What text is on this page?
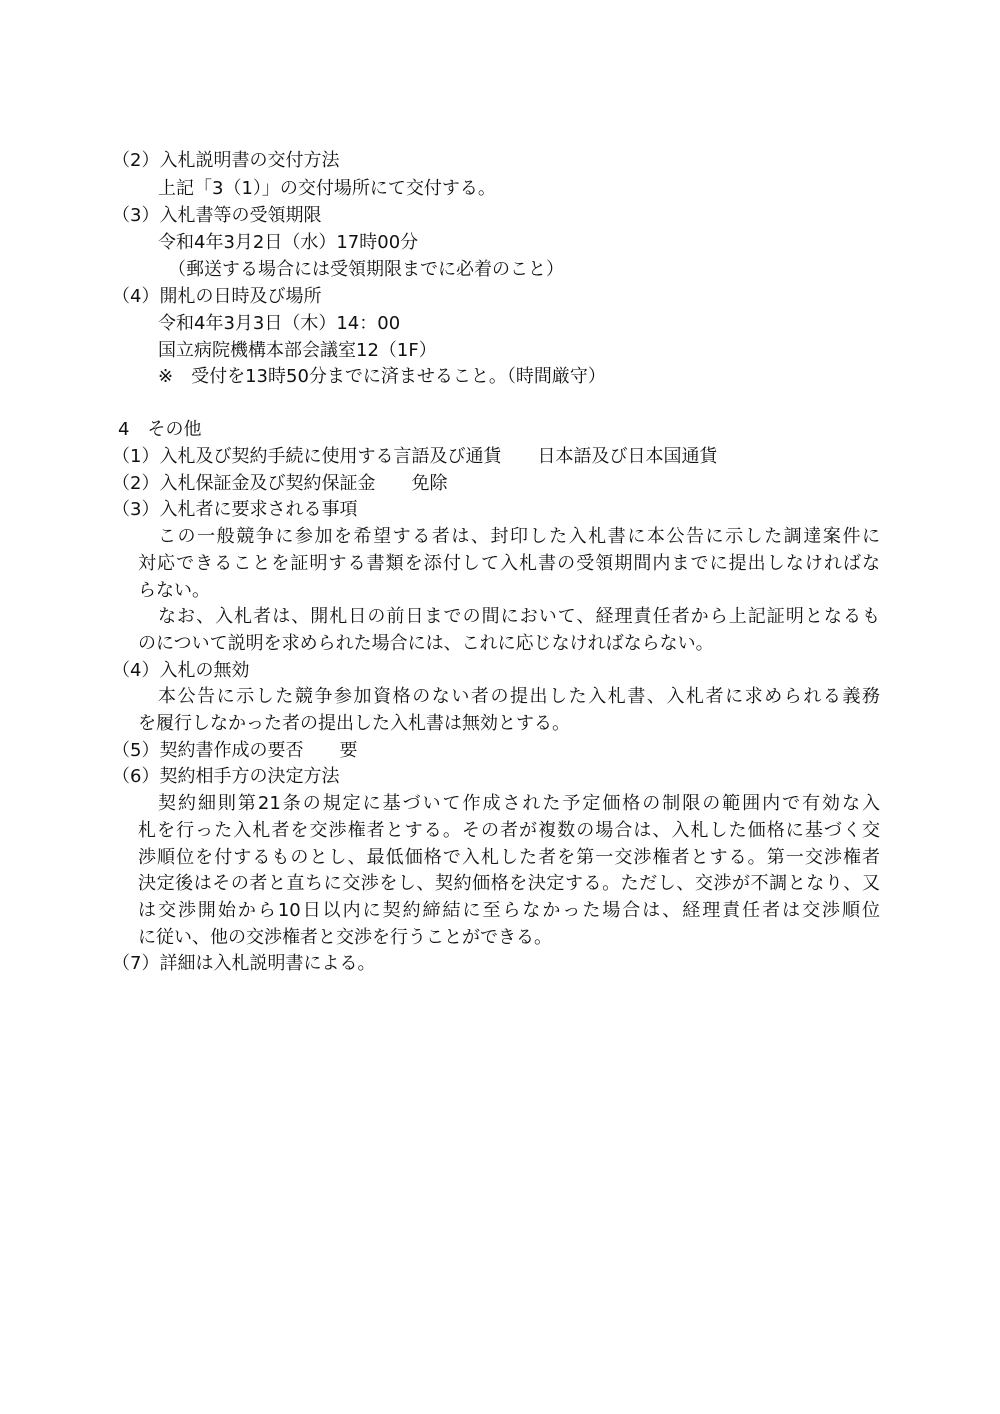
（2）入札説明書の交付方法
上記「3（1）」の交付場所にて交付する。
（3）入札書等の受領期限
令和4年3月2日（水）17時00分
（郵送する場合には受領期限までに必着のこと）
（4）開札の日時及び場所
令和4年3月3日（木）14：00
国立病院機構本部会議室12（1F）
※　受付を13時50分までに済ませること。（時間厳守）
4　その他
（1）入札及び契約手続に使用する言語及び通貨　　日本語及び日本国通貨
（2）入札保証金及び契約保証金　　免除
（3）入札者に要求される事項
この一般競争に参加を希望する者は、封印した入札書に本公告に示した調達案件に
対応できることを証明する書類を添付して入札書の受領期間内までに提出しなければな
らない。
なお、入札者は、開札日の前日までの間において、経理責任者から上記証明となるも
のについて説明を求められた場合には、これに応じなければならない。
（4）入札の無効
本公告に示した競争参加資格のない者の提出した入札書、入札者に求められる義務
を履行しなかった者の提出した入札書は無効とする。
（5）契約書作成の要否　　要
（6）契約相手方の決定方法
契約細則第21条の規定に基づいて作成された予定価格の制限の範囲内で有効な入
札を行った入札者を交渉権者とする。その者が複数の場合は、入札した価格に基づく交
渉順位を付するものとし、最低価格で入札した者を第一交渉権者とする。第一交渉権者
決定後はその者と直ちに交渉をし、契約価格を決定する。ただし、交渉が不調となり、又
は交渉開始から10日以内に契約締結に至らなかった場合は、経理責任者は交渉順位
に従い、他の交渉権者と交渉を行うことができる。
（7）詳細は入札説明書による。
